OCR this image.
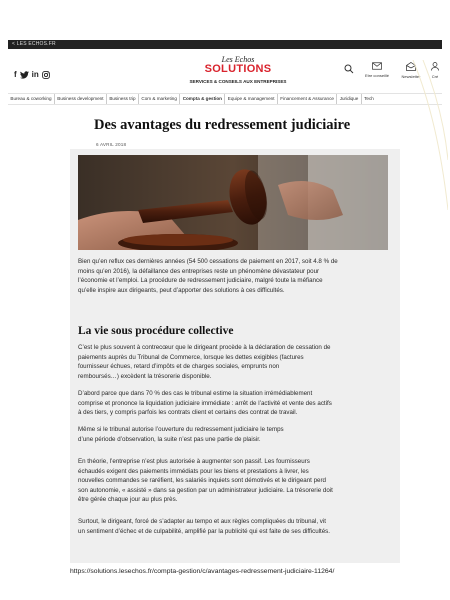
< LES ECHOS.FR
f in
Les Echos
SOLUTIONS
SERVICES & CONSEILS AUX ENTREPRISES
Etre conseillé	Newsletter	Cré
Bureau & coworking	Business development	Business trip	Com & marketing	Compta & gestion	Equipe & management	Financement & Assurance	Juridique	Tech
Des avantages du redressement judiciaire
6 AVRIL 2018
Bien qu’en reflux ces dernières années (54 500 cessations de paiement en 2017, soit 4.8 % de
moins qu’en 2016), la défaillance des entreprises reste un phénomène dévastateur pour
l’économie et l’emploi. La procédure de redressement judiciaire, malgré toute la méfiance
qu’elle inspire aux dirigeants, peut d’apporter des solutions à ces difficultés.
La vie sous procédure collective
C’est le plus souvent à contrecœur que le dirigeant procède à la déclaration de cessation de
paiements auprès du Tribunal de Commerce, lorsque les dettes exigibles (factures
fournisseur échues, retard d’impôts et de charges sociales, emprunts non
remboursés…) excèdent la trésorerie disponible.
D’abord parce que dans 70 % des cas le tribunal estime la situation irrémédiablement
comprise et prononce la liquidation judiciaire immédiate : arrêt de l’activité et vente des actifs
à des tiers, y compris parfois les contrats client et certains des contrat de travail.
Même si le tribunal autorise l’ouverture du redressement judiciaire le temps
d’une période d’observation, la suite n’est pas une partie de plaisir.
En théorie, l’entreprise n’est plus autorisée à augmenter son passif. Les fournisseurs
échaudés exigent des paiements immédiats pour les biens et prestations à livrer, les
nouvelles commandes se raréfient, les salariés inquiets sont démotivés et le dirigeant perd
son autonomie, « assisté » dans sa gestion par un administrateur judiciaire. La trésorerie doit
être gérée chaque jour au plus près.
Surtout, le dirigeant, forcé de s’adapter au tempo et aux règles compliquées du tribunal, vit
un sentiment d’échec et de culpabilité, amplifié par la publicité qui est faite de ses difficultés.
https://solutions.lesechos.fr/compta-gestion/c/avantages-redressement-judiciaire-11264/
